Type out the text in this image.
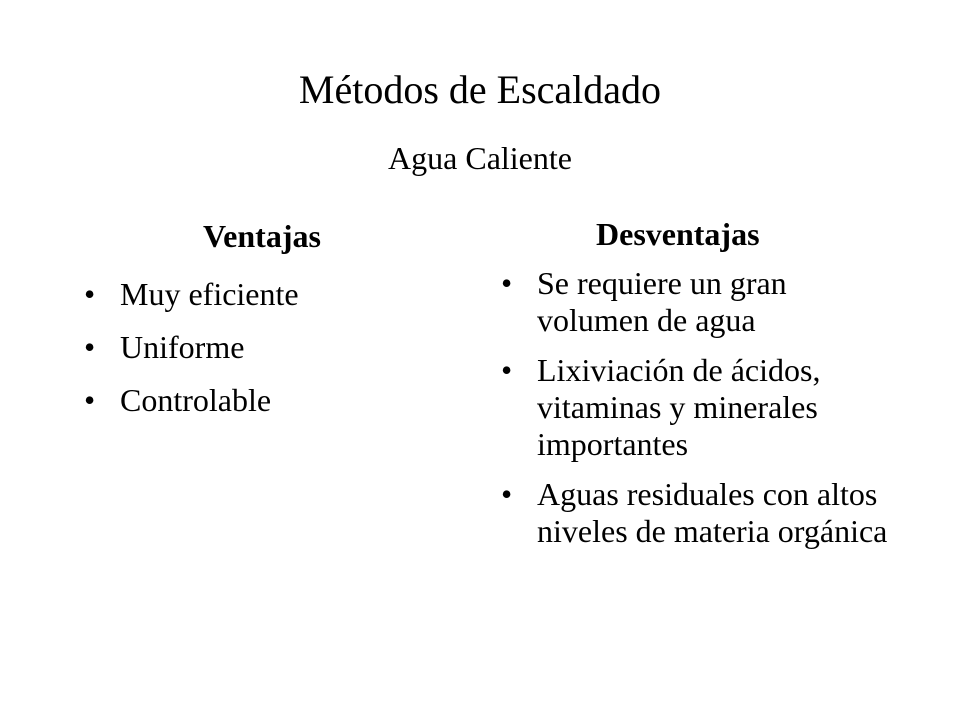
Métodos de Escaldado
Agua Caliente
Ventajas
• Muy eficiente
• Uniforme
• Controlable
Desventajas
• Se requiere un gran volumen de agua
• Lixiviación de ácidos, vitaminas y minerales importantes
• Aguas residuales con altos niveles de materia orgánica
